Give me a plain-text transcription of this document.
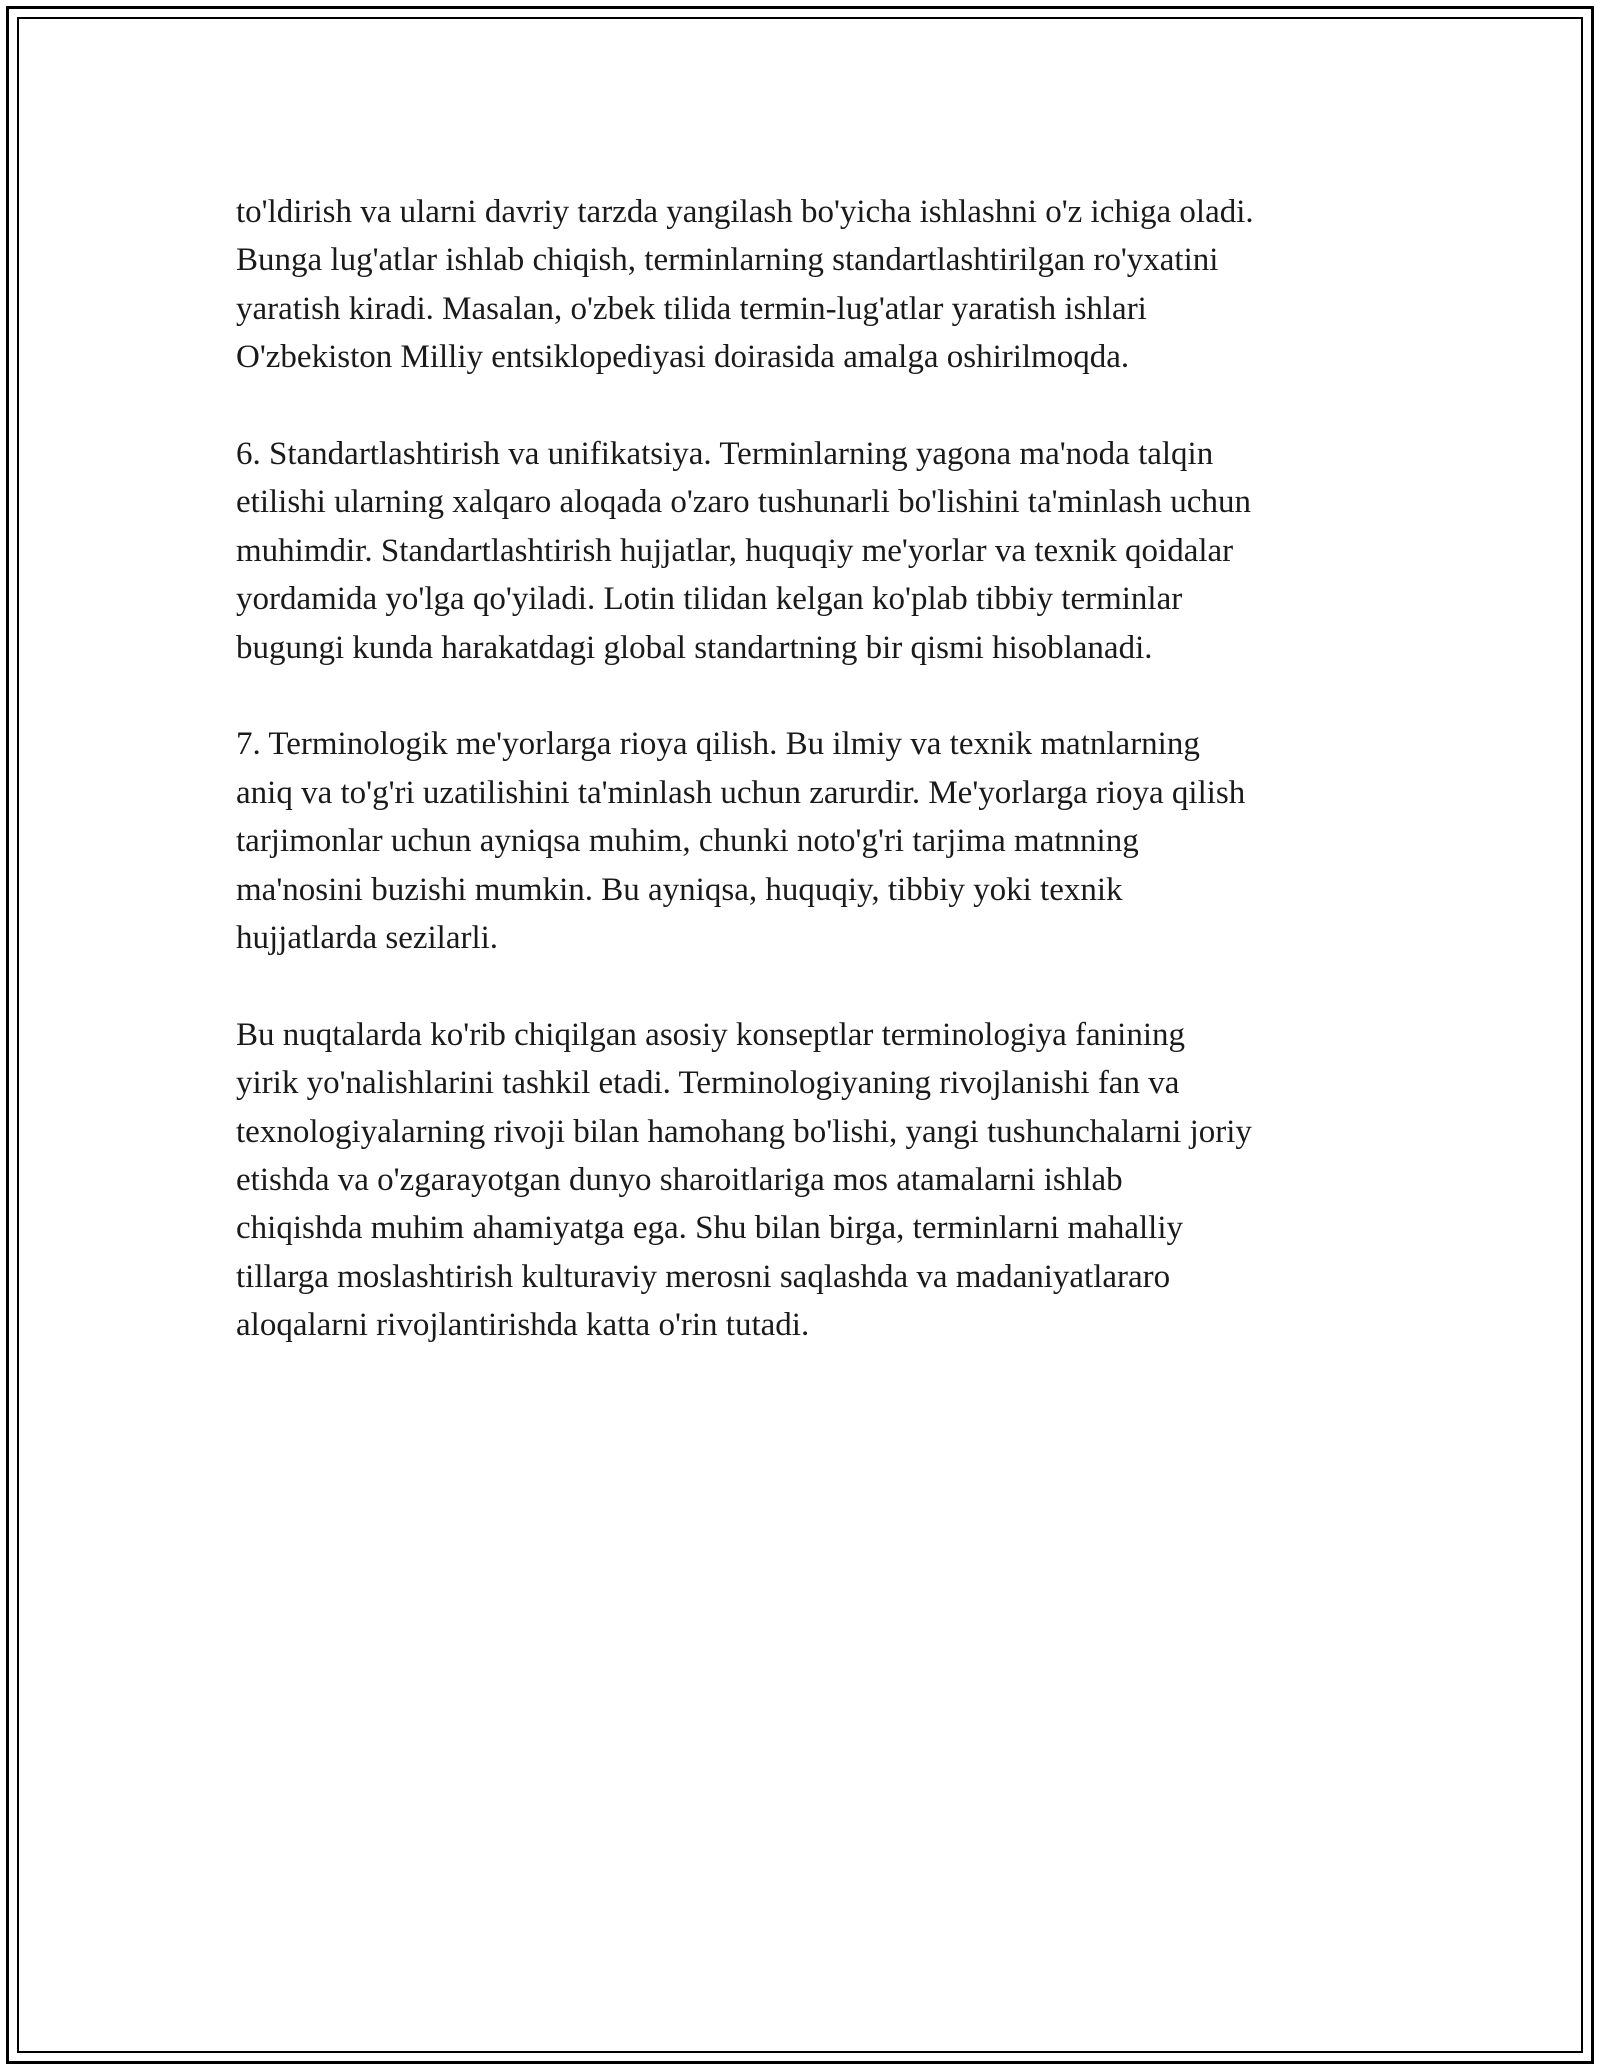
to'ldirish va ularni davriy tarzda yangilash bo'yicha ishlashni o'z ichiga oladi.
Bunga lug'atlar ishlab chiqish, terminlarning standartlashtirilgan ro'yxatini
yaratish kiradi. Masalan, o'zbek tilida termin-lug'atlar yaratish ishlari
O'zbekiston Milliy entsiklopediyasi doirasida amalga oshirilmoqda.

6. Standartlashtirish va unifikatsiya. Terminlarning yagona ma'noda talqin
etilishi ularning xalqaro aloqada o'zaro tushunarli bo'lishini ta'minlash uchun
muhimdir. Standartlashtirish hujjatlar, huquqiy me'yorlar va texnik qoidalar
yordamida yo'lga qo'yiladi. Lotin tilidan kelgan ko'plab tibbiy terminlar
bugungi kunda harakatdagi global standartning bir qismi hisoblanadi.

7. Terminologik me'yorlarga rioya qilish. Bu ilmiy va texnik matnlarning
aniq va to'g'ri uzatilishini ta'minlash uchun zarurdir. Me'yorlarga rioya qilish
tarjimonlar uchun ayniqsa muhim, chunki noto'g'ri tarjima matnning
ma'nosini buzishi mumkin. Bu ayniqsa, huquqiy, tibbiy yoki texnik
hujjatlarda sezilarli.

Bu nuqtalarda ko'rib chiqilgan asosiy konseptlar terminologiya fanining
yirik yo'nalishlarini tashkil etadi. Terminologiyaning rivojlanishi fan va
texnologiyalarning rivoji bilan hamohang bo'lishi, yangi tushunchalarni joriy
etishda va o'zgarayotgan dunyo sharoitlariga mos atamalarni ishlab
chiqishda muhim ahamiyatga ega. Shu bilan birga, terminlarni mahalliy
tillarga moslashtirish kulturaviy merosni saqlashda va madaniyatlararo
aloqalarni rivojlantirishda katta o'rin tutadi.
